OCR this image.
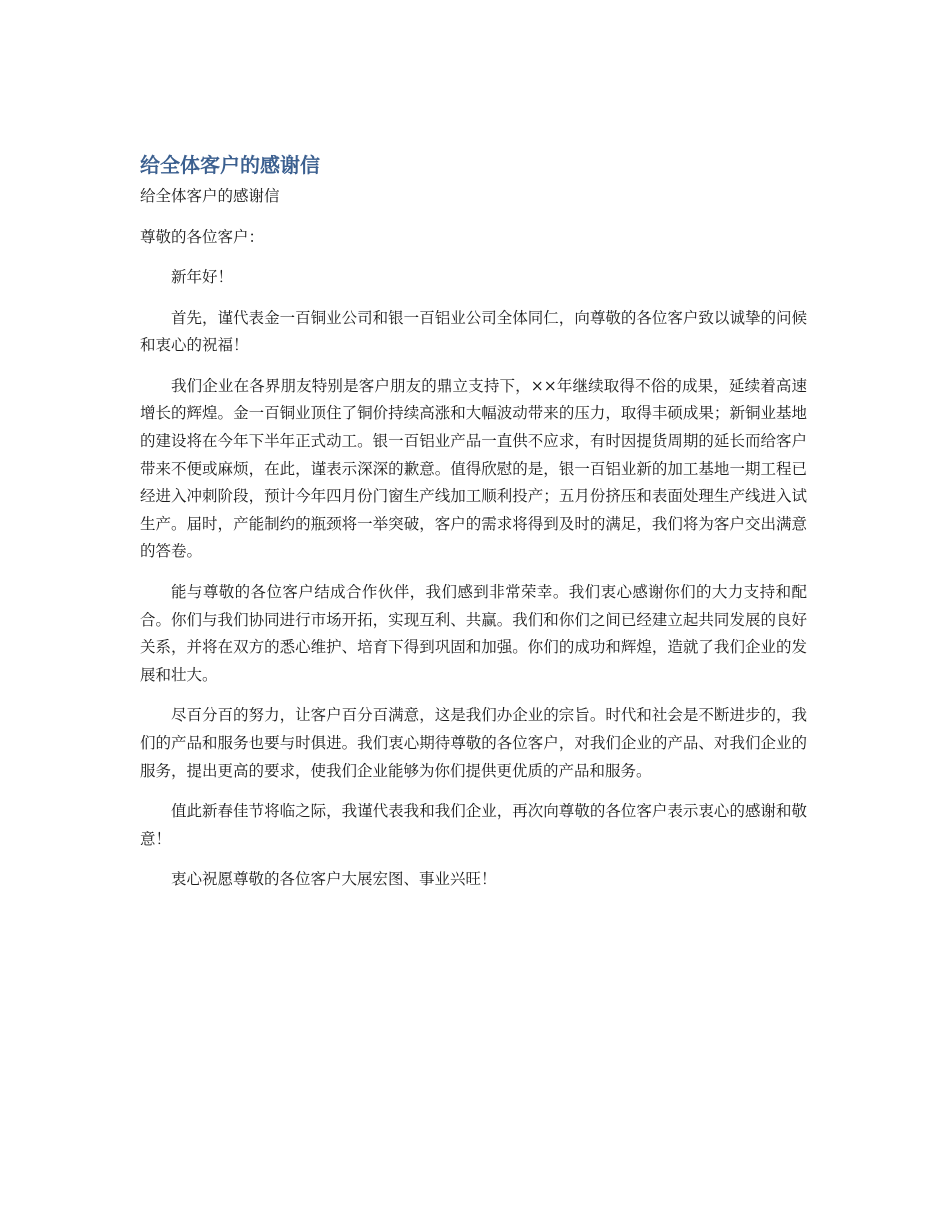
给全体客户的感谢信

给全体客户的感谢信

尊敬的各位客户：

新年好！

首先，谨代表金一百铜业公司和银一百铝业公司全体同仁，向尊敬的各位客户致以诚挚的问候和衷心的祝福！

我们企业在各界朋友特别是客户朋友的鼎立支持下，××年继续取得不俗的成果，延续着高速增长的辉煌。金一百铜业顶住了铜价持续高涨和大幅波动带来的压力，取得丰硕成果；新铜业基地的建设将在今年下半年正式动工。银一百铝业产品一直供不应求，有时因提货周期的延长而给客户带来不便或麻烦，在此，谨表示深深的歉意。值得欣慰的是，银一百铝业新的加工基地一期工程已经进入冲刺阶段，预计今年四月份门窗生产线加工顺利投产；五月份挤压和表面处理生产线进入试生产。届时，产能制约的瓶颈将一举突破，客户的需求将得到及时的满足，我们将为客户交出满意的答卷。

能与尊敬的各位客户结成合作伙伴，我们感到非常荣幸。我们衷心感谢你们的大力支持和配合。你们与我们协同进行市场开拓，实现互利、共赢。我们和你们之间已经建立起共同发展的良好关系，并将在双方的悉心维护、培育下得到巩固和加强。你们的成功和辉煌，造就了我们企业的发展和壮大。

尽百分百的努力，让客户百分百满意，这是我们办企业的宗旨。时代和社会是不断进步的，我们的产品和服务也要与时俱进。我们衷心期待尊敬的各位客户，对我们企业的产品、对我们企业的服务，提出更高的要求，使我们企业能够为你们提供更优质的产品和服务。

值此新春佳节将临之际，我谨代表我和我们企业，再次向尊敬的各位客户表示衷心的感谢和敬意！

衷心祝愿尊敬的各位客户大展宏图、事业兴旺！
